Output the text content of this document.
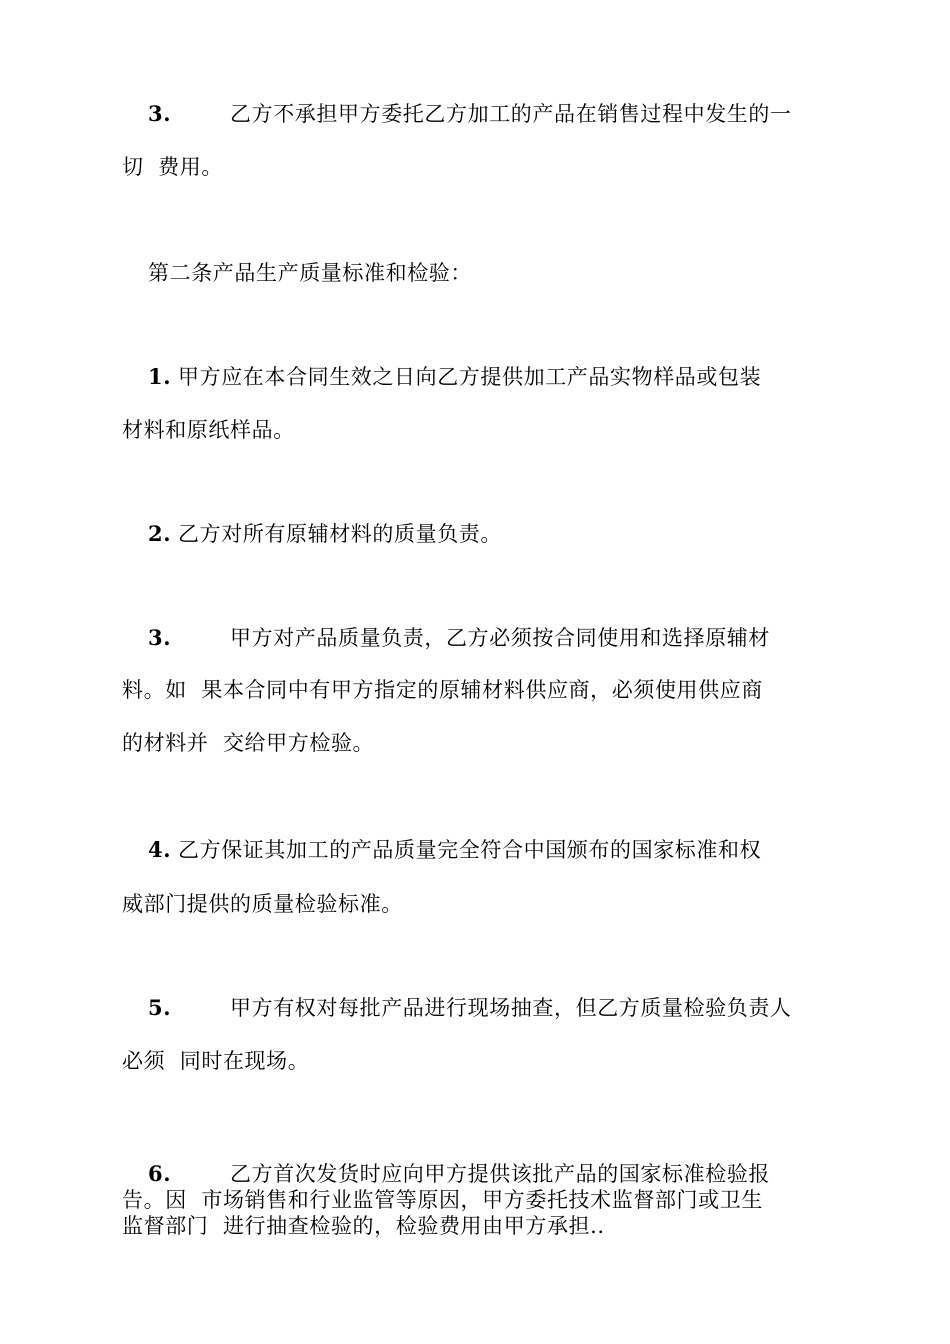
3.	乙方不承担甲方委托乙方加工的产品在销售过程中发生的一
切  费用。
第二条产品生产质量标准和检验：
1. 甲方应在本合同生效之日向乙方提供加工产品实物样品或包装
材料和原纸样品。
2. 乙方对所有原辅材料的质量负责。
3.	甲方对产品质量负责，乙方必须按合同使用和选择原辅材
料。如  果本合同中有甲方指定的原辅材料供应商，必须使用供应商
的材料并  交给甲方检验。
4. 乙方保证其加工的产品质量完全符合中国颁布的国家标准和权
威部门提供的质量检验标准。
5.	甲方有权对每批产品进行现场抽查，但乙方质量检验负责人
必须  同时在现场。
6.	乙方首次发货时应向甲方提供该批产品的国家标准检验报
告。因  市场销售和行业监管等原因，甲方委托技术监督部门或卫生
监督部门  进行抽查检验的，检验费用由甲方承担..
